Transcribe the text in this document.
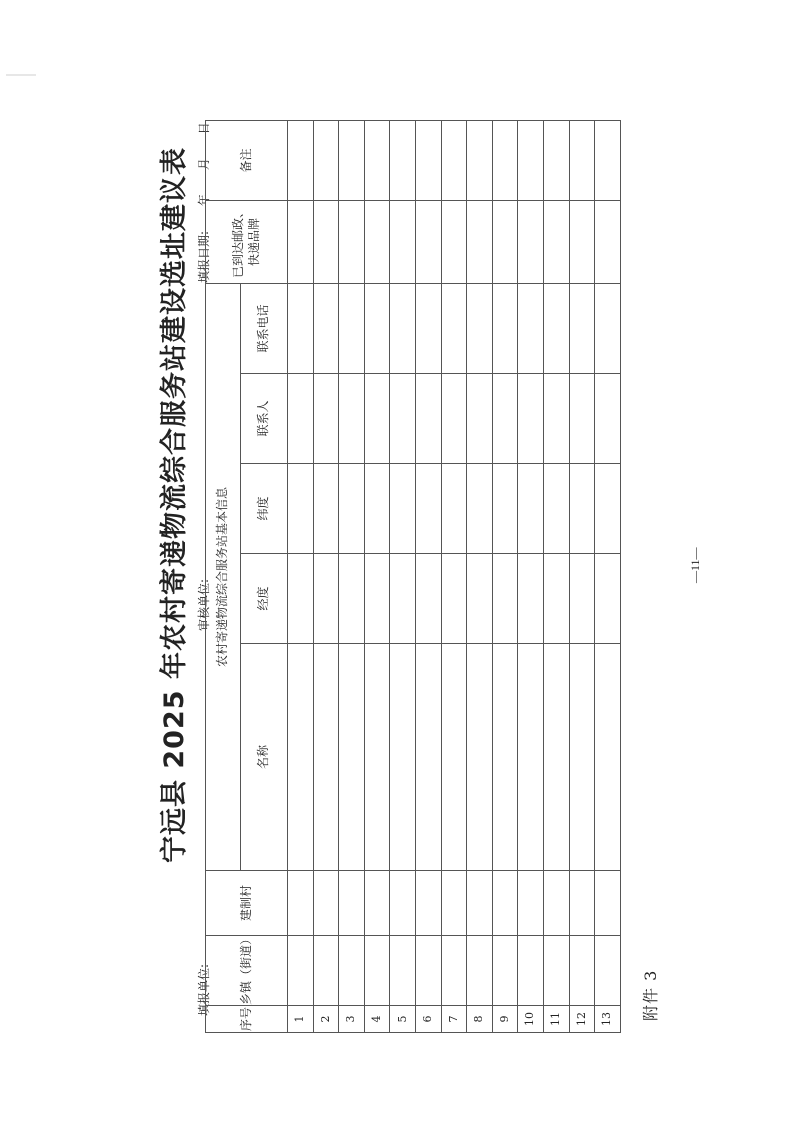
附件 3
宁远县 2025 年农村寄递物流综合服务站建设选址建议表
填报单位:
审核单位:
填报日期:
年 月 日
序号	乡镇（街道）	建制村	农村寄递物流综合服务站基本信息					已到达邮政、快递品牌	备注
			名称	经度	纬度	联系人	联系电话		
1									
2									
3									
4									
5									
6									
7									
8									
9									
10									
11									
12									
13									
—11—
